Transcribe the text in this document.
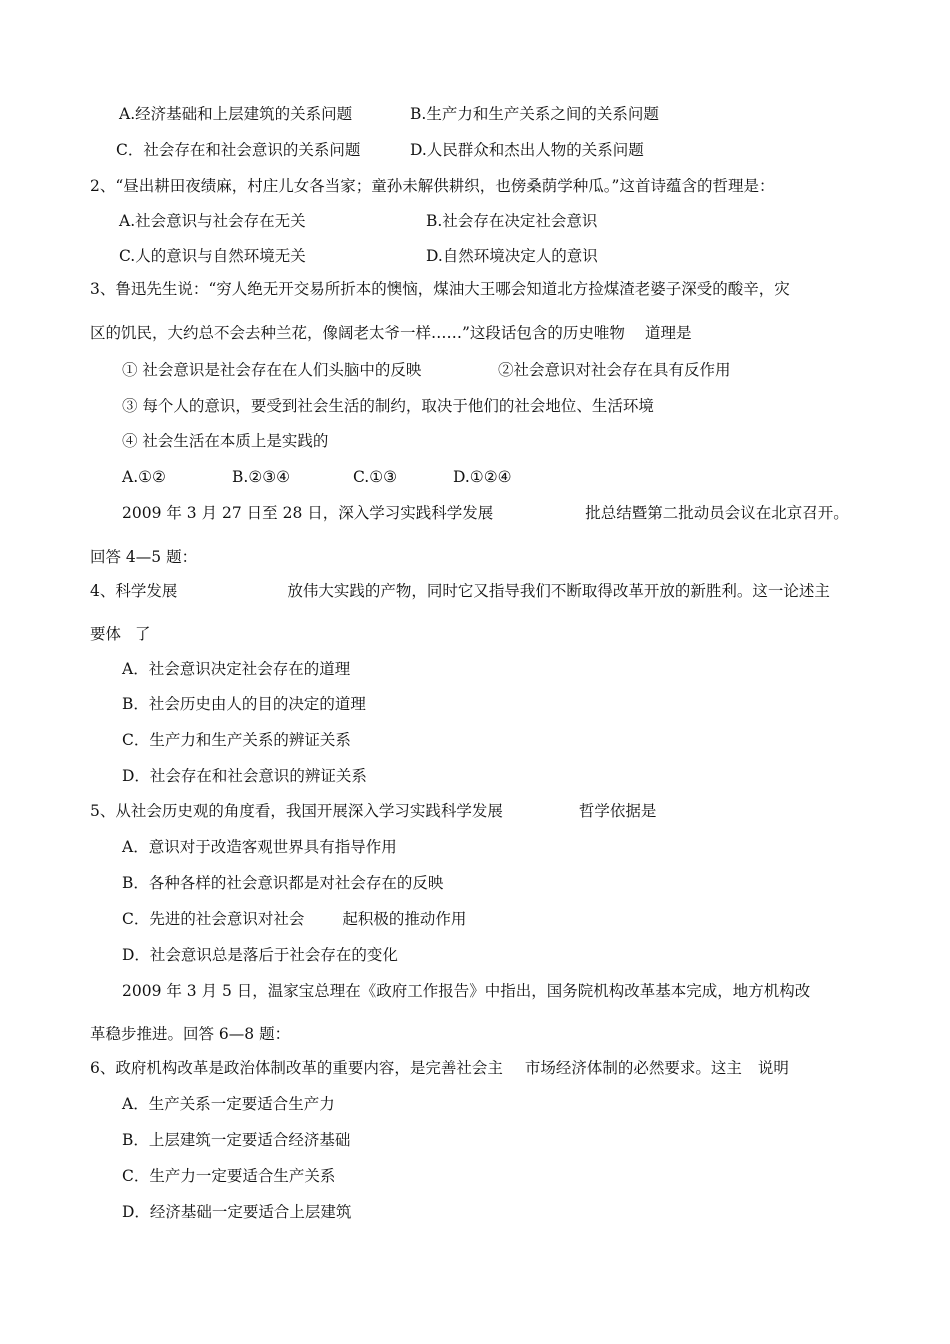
A.经济基础和上层建筑的关系问题	B.生产力和生产关系之间的关系问题
C．社会存在和社会意识的关系问题	D.人民群众和杰出人物的关系问题
2、“昼出耕田夜绩麻，村庄儿女各当家；童孙未解供耕织，也傍桑荫学种瓜。”这首诗蕴含的哲理是：
A.社会意识与社会存在无关	B.社会存在决定社会意识
C.人的意识与自然环境无关	D.自然环境决定人的意识
3、鲁迅先生说：“穷人绝无开交易所折本的懊恼，煤油大王哪会知道北方捡煤渣老婆子深受的酸辛，灾
区的饥民，大约总不会去种兰花，像阔老太爷一样……”这段话包含的历史唯物 道理是
① 社会意识是社会存在在人们头脑中的反映	②社会意识对社会存在具有反作用
③ 每个人的意识，要受到社会生活的制约，取决于他们的社会地位、生活环境
④ 社会生活在本质上是实践的
A.①②	B.②③④	C.①③	D.①②④
2009 年 3 月 27 日至 28 日，深入学习实践科学发展	批总结暨第二批动员会议在北京召开。
回答 4—5 题：
4、科学发展	放伟大实践的产物，同时它又指导我们不断取得改革开放的新胜利。这一论述主
要体 了
A．社会意识决定社会存在的道理
B．社会历史由人的目的决定的道理
C．生产力和生产关系的辨证关系
D．社会存在和社会意识的辨证关系
5、从社会历史观的角度看，我国开展深入学习实践科学发展	哲学依据是
A．意识对于改造客观世界具有指导作用
B．各种各样的社会意识都是对社会存在的反映
C．先进的社会意识对社会 起积极的推动作用
D．社会意识总是落后于社会存在的变化
2009 年 3 月 5 日，温家宝总理在《政府工作报告》中指出，国务院机构改革基本完成，地方机构改
革稳步推进。回答 6—8 题：
6、政府机构改革是政治体制改革的重要内容，是完善社会主 市场经济体制的必然要求。这主 说明
A．生产关系一定要适合生产力
B．上层建筑一定要适合经济基础
C．生产力一定要适合生产关系
D．经济基础一定要适合上层建筑
